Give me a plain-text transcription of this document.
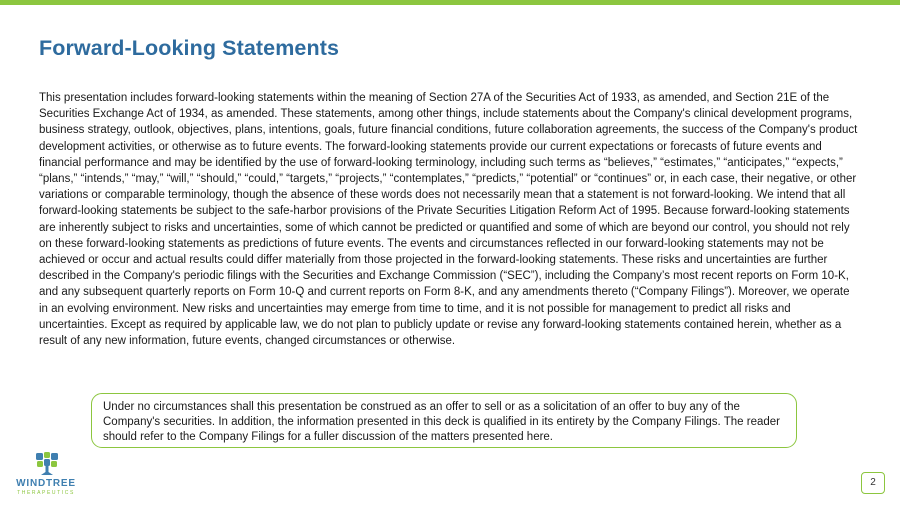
Forward-Looking Statements
This presentation includes forward-looking statements within the meaning of Section 27A of the Securities Act of 1933, as amended, and Section 21E of the Securities Exchange Act of 1934, as amended. These statements, among other things, include statements about the Company's clinical development programs, business strategy, outlook, objectives, plans, intentions, goals, future financial conditions, future collaboration agreements, the success of the Company's product development activities, or otherwise as to future events. The forward-looking statements provide our current expectations or forecasts of future events and financial performance and may be identified by the use of forward-looking terminology, including such terms as “believes,” “estimates,” “anticipates,” “expects,” “plans,” “intends,” “may,” “will,” “should,” “could,” “targets,” “projects,” “contemplates,” “predicts,” “potential” or “continues” or, in each case, their negative, or other variations or comparable terminology, though the absence of these words does not necessarily mean that a statement is not forward-looking. We intend that all forward-looking statements be subject to the safe-harbor provisions of the Private Securities Litigation Reform Act of 1995. Because forward-looking statements are inherently subject to risks and uncertainties, some of which cannot be predicted or quantified and some of which are beyond our control, you should not rely on these forward-looking statements as predictions of future events. The events and circumstances reflected in our forward-looking statements may not be achieved or occur and actual results could differ materially from those projected in the forward-looking statements. These risks and uncertainties are further described in the Company's periodic filings with the Securities and Exchange Commission (“SEC”), including the Company’s most recent reports on Form 10-K, and any subsequent quarterly reports on Form 10-Q and current reports on Form 8-K, and any amendments thereto (“Company Filings”). Moreover, we operate in an evolving environment. New risks and uncertainties may emerge from time to time, and it is not possible for management to predict all risks and uncertainties. Except as required by applicable law, we do not plan to publicly update or revise any forward-looking statements contained herein, whether as a result of any new information, future events, changed circumstances or otherwise.

Under no circumstances shall this presentation be construed as an offer to sell or as a solicitation of an offer to buy any of the Company's securities. In addition, the information presented in this deck is qualified in its entirety by the Company Filings. The reader should refer to the Company Filings for a fuller discussion of the matters presented here.

WINDTREE
THERAPEUTICS
2
